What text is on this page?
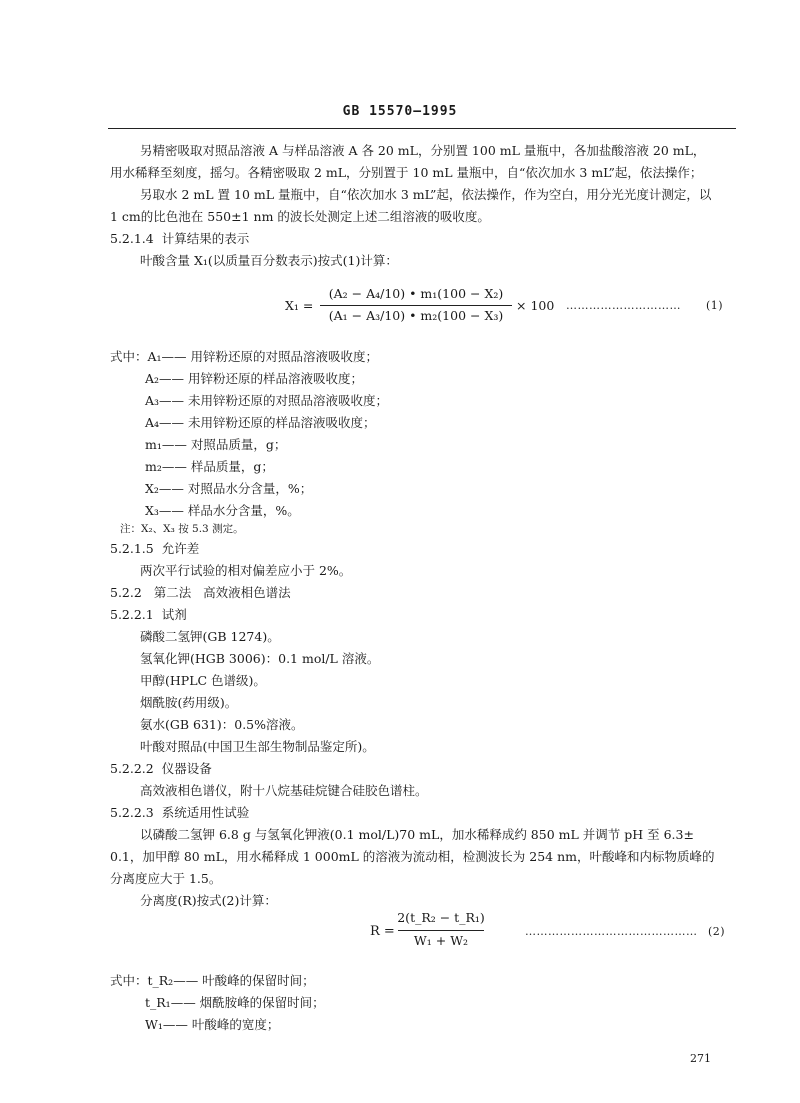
GB 15570—1995
另精密吸取对照品溶液 A 与样品溶液 A 各 20 mL，分别置 100 mL 量瓶中，各加盐酸溶液 20 mL，
用水稀释至刻度，摇匀。各精密吸取 2 mL，分别置于 10 mL 量瓶中，自“依次加水 3 mL”起，依法操作；
另取水 2 mL 置 10 mL 量瓶中，自“依次加水 3 mL”起，依法操作，作为空白，用分光光度计测定，以
1 cm的比色池在 550±1 nm 的波长处测定上述二组溶液的吸收度。
5.2.1.4 计算结果的表示
叶酸含量 X₁(以质量百分数表示)按式(1)计算：
X₁ =
(A₂ − A₄/10) • m₁(100 − X₂)
(A₁ − A₃/10) • m₂(100 − X₃)
× 100 ………………………… (1)
式中：A₁—— 用锌粉还原的对照品溶液吸收度；
A₂—— 用锌粉还原的样品溶液吸收度；
A₃—— 未用锌粉还原的对照品溶液吸收度；
A₄—— 未用锌粉还原的样品溶液吸收度；
m₁—— 对照品质量，g；
m₂—— 样品质量，g；
X₂—— 对照品水分含量，%；
X₃—— 样品水分含量，%。
注：X₂、X₃ 按 5.3 测定。
5.2.1.5 允许差
两次平行试验的相对偏差应小于 2%。
5.2.2 第二法   高效液相色谱法
5.2.2.1 试剂
磷酸二氢钾(GB 1274)。
氢氧化钾(HGB 3006)：0.1 mol/L 溶液。
甲醇(HPLC 色谱级)。
烟酰胺(药用级)。
氨水(GB 631)：0.5%溶液。
叶酸对照品(中国卫生部生物制品鉴定所)。
5.2.2.2 仪器设备
高效液相色谱仪，附十八烷基硅烷键合硅胶色谱柱。
5.2.2.3 系统适用性试验
以磷酸二氢钾 6.8 g 与氢氧化钾液(0.1 mol/L)70 mL，加水稀释成约 850 mL 并调节 pH 至 6.3±
0.1，加甲醇 80 mL，用水稀释成 1 000mL 的溶液为流动相，检测波长为 254 nm，叶酸峰和内标物质峰的
分离度应大于 1.5。
分离度(R)按式(2)计算：
R =
2(t_R₂ − t_R₁)
W₁ + W₂
……………………………………… (2)
式中：t_R₂—— 叶酸峰的保留时间；
t_R₁—— 烟酰胺峰的保留时间；
W₁—— 叶酸峰的宽度；
271
